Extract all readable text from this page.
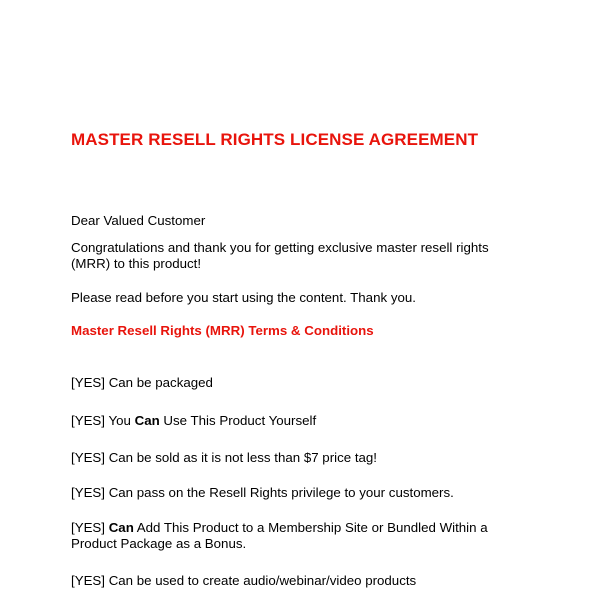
MASTER RESELL RIGHTS LICENSE AGREEMENT

Dear Valued Customer

Congratulations and thank you for getting exclusive master resell rights (MRR) to this product!

Please read before you start using the content. Thank you.

Master Resell Rights (MRR) Terms & Conditions

[YES] Can be packaged

[YES] You Can Use This Product Yourself

[YES] Can be sold as it is not less than $7 price tag!

[YES] Can pass on the Resell Rights privilege to your customers.

[YES] Can Add This Product to a Membership Site or Bundled Within a Product Package as a Bonus.

[YES] Can be used to create audio/webinar/video products
